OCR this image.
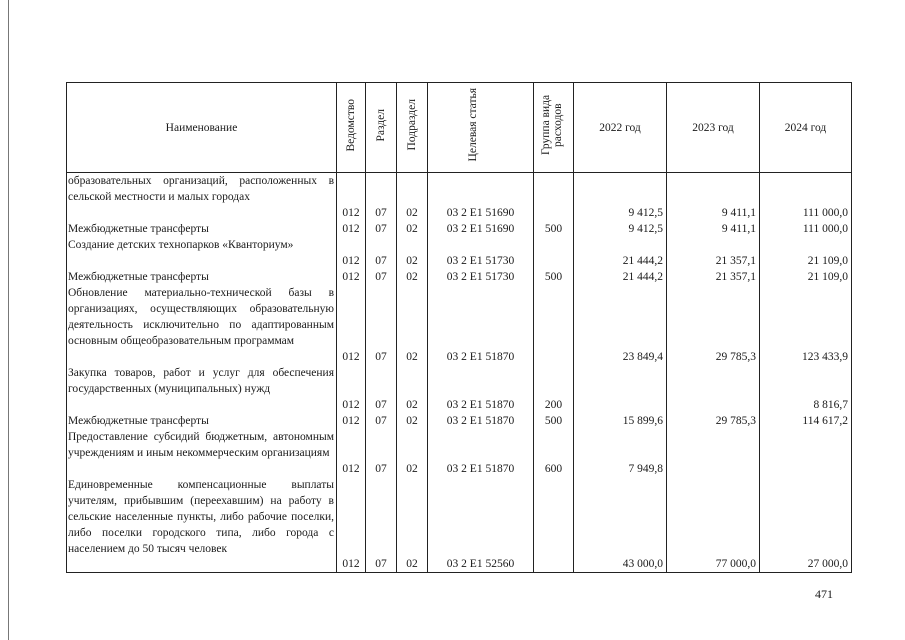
Наименование	Ведомство	Раздел	Подраздел	Целевая статья	Группа вида расходов	2022 год	2023 год	2024 год
образовательных организаций, расположенных в сельской местности и малых городах	012	07	02	03 2 E1 51690		9 412,5	9 411,1	111 000,0
Межбюджетные трансферты	012	07	02	03 2 E1 51690	500	9 412,5	9 411,1	111 000,0
Создание детских технопарков «Кванториум»	012	07	02	03 2 E1 51730		21 444,2	21 357,1	21 109,0
Межбюджетные трансферты	012	07	02	03 2 E1 51730	500	21 444,2	21 357,1	21 109,0
Обновление материально-технической базы в организациях, осуществляющих образовательную деятельность исключительно по адаптированным основным общеобразовательным программам	012	07	02	03 2 E1 51870		23 849,4	29 785,3	123 433,9
Закупка товаров, работ и услуг для обеспечения государственных (муниципальных) нужд	012	07	02	03 2 E1 51870	200			8 816,7
Межбюджетные трансферты	012	07	02	03 2 E1 51870	500	15 899,6	29 785,3	114 617,2
Предоставление субсидий бюджетным, автономным учреждениям и иным некоммерческим организациям	012	07	02	03 2 E1 51870	600	7 949,8		
Единовременные компенсационные выплаты учителям, прибывшим (переехавшим) на работу в сельские населенные пункты, либо рабочие поселки, либо поселки городского типа, либо города с населением до 50 тысяч человек	012	07	02	03 2 E1 52560		43 000,0	77 000,0	27 000,0
471
